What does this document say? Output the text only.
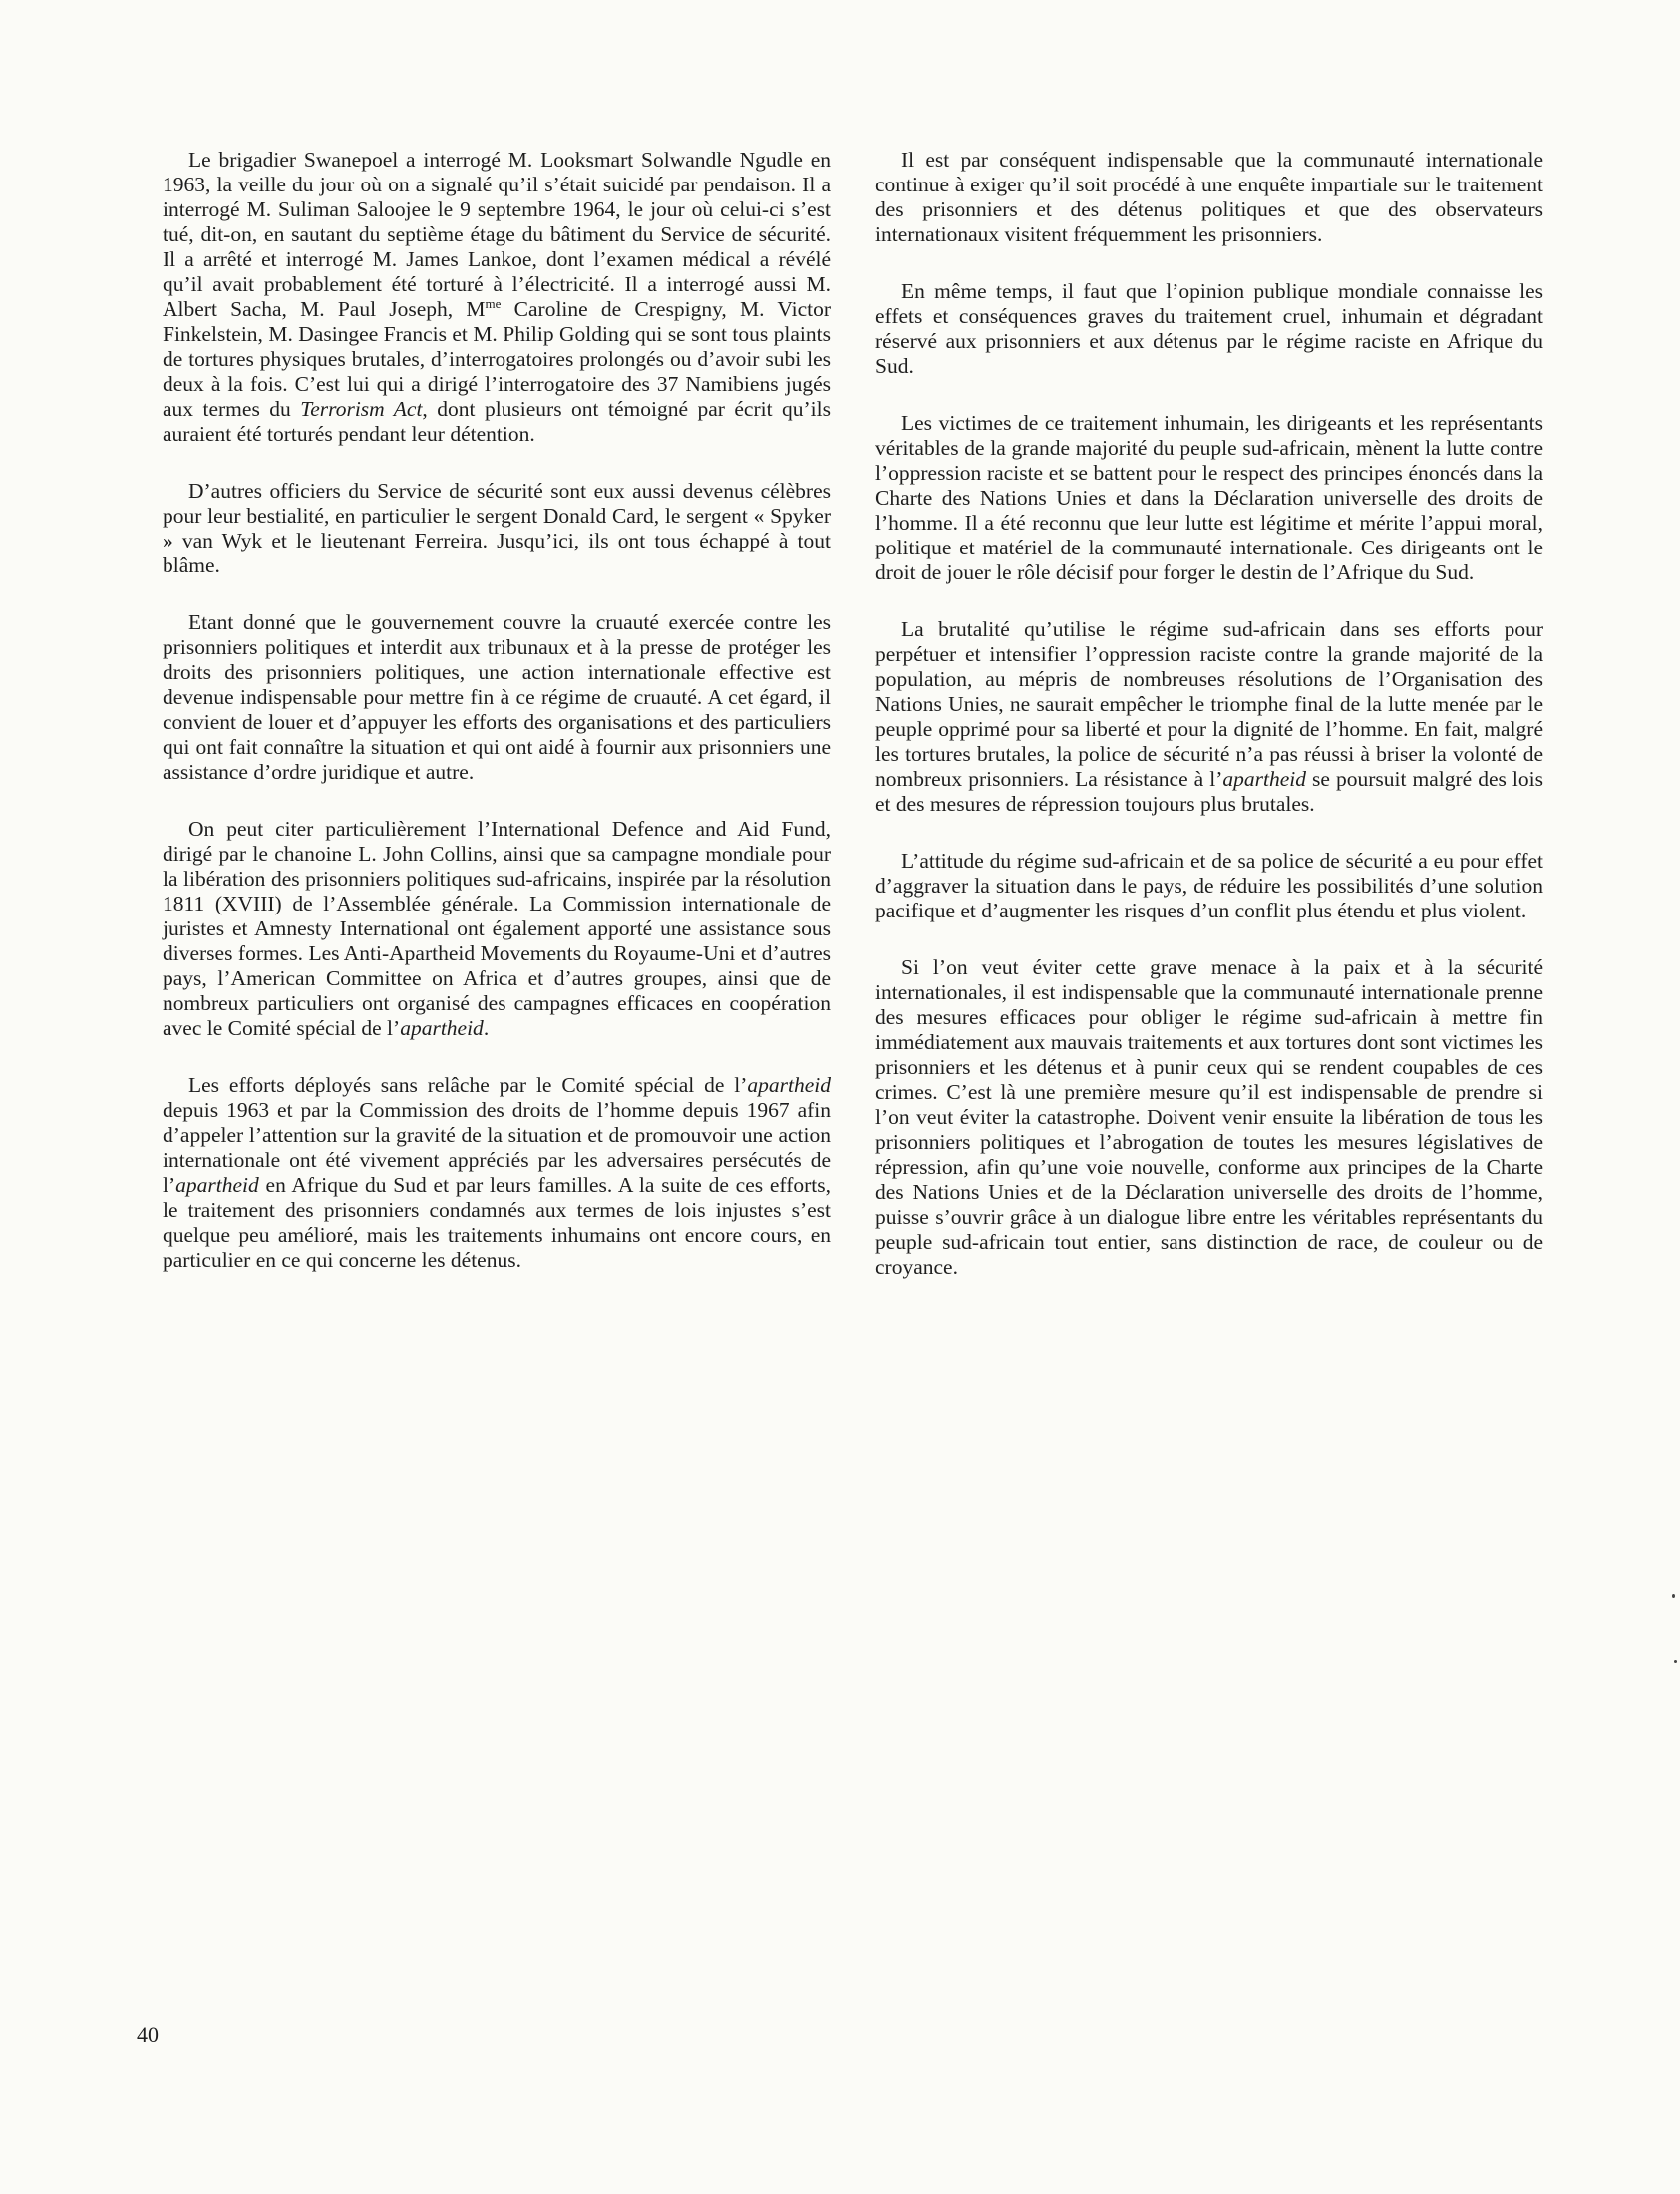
Le brigadier Swanepoel a interrogé M. Looksmart Solwandle Ngudle en 1963, la veille du jour où on a signalé qu’il s’était suicidé par pendaison. Il a interrogé M. Suliman Saloojee le 9 septembre 1964, le jour où celui-ci s’est tué, dit-on, en sautant du septième étage du bâtiment du Service de sécurité. Il a arrêté et interrogé M. James Lankoe, dont l’examen médical a révélé qu’il avait probablement été torturé à l’électricité. Il a interrogé aussi M. Albert Sacha, M. Paul Joseph, $M^{me}$ Caroline de Crespigny, M. Victor Finkelstein, M. Dasingee Francis et M. Philip Golding qui se sont tous plaints de tortures physiques brutales, d’interrogatoires prolongés ou d’avoir subi les deux à la fois. C’est lui qui a dirigé l’interrogatoire des 37 Namibiens jugés aux termes du Terrorism Act, dont plusieurs ont témoigné par écrit qu’ils auraient été torturés pendant leur détention.

D’autres officiers du Service de sécurité sont eux aussi devenus célèbres pour leur bestialité, en particulier le sergent Donald Card, le sergent « Spyker » van Wyk et le lieutenant Ferreira. Jusqu’ici, ils ont tous échappé à tout blâme.

Etant donné que le gouvernement couvre la cruauté exercée contre les prisonniers politiques et interdit aux tribunaux et à la presse de protéger les droits des prisonniers politiques, une action internationale effective est devenue indispensable pour mettre fin à ce régime de cruauté. A cet égard, il convient de louer et d’appuyer les efforts des organisations et des particuliers qui ont fait connaître la situation et qui ont aidé à fournir aux prisonniers une assistance d’ordre juridique et autre.

On peut citer particulièrement l’International Defence and Aid Fund, dirigé par le chanoine L. John Collins, ainsi que sa campagne mondiale pour la libération des prisonniers politiques sud-africains, inspirée par la résolution 1811 (XVIII) de l’Assemblée générale. La Commission internationale de juristes et Amnesty International ont également apporté une assistance sous diverses formes. Les Anti-Apartheid Movements du Royaume-Uni et d’autres pays, l’American Committee on Africa et d’autres groupes, ainsi que de nombreux particuliers ont organisé des campagnes efficaces en coopération avec le Comité spécial de l’apartheid.

Les efforts déployés sans relâche par le Comité spécial de l’apartheid depuis 1963 et par la Commission des droits de l’homme depuis 1967 afin d’appeler l’attention sur la gravité de la situation et de promouvoir une action internationale ont été vivement appréciés par les adversaires persécutés de l’apartheid en Afrique du Sud et par leurs familles. A la suite de ces efforts, le traitement des prisonniers condamnés aux termes de lois injustes s’est quelque peu amélioré, mais les traitements inhumains ont encore cours, en particulier en ce qui concerne les détenus.

Il est par conséquent indispensable que la communauté internationale continue à exiger qu’il soit procédé à une enquête impartiale sur le traitement des prisonniers et des détenus politiques et que des observateurs internationaux visitent fréquemment les prisonniers.

En même temps, il faut que l’opinion publique mondiale connaisse les effets et conséquences graves du traitement cruel, inhumain et dégradant réservé aux prisonniers et aux détenus par le régime raciste en Afrique du Sud.

Les victimes de ce traitement inhumain, les dirigeants et les représentants véritables de la grande majorité du peuple sud-africain, mènent la lutte contre l’oppression raciste et se battent pour le respect des principes énoncés dans la Charte des Nations Unies et dans la Déclaration universelle des droits de l’homme. Il a été reconnu que leur lutte est légitime et mérite l’appui moral, politique et matériel de la communauté internationale. Ces dirigeants ont le droit de jouer le rôle décisif pour forger le destin de l’Afrique du Sud.

La brutalité qu’utilise le régime sud-africain dans ses efforts pour perpétuer et intensifier l’oppression raciste contre la grande majorité de la population, au mépris de nombreuses résolutions de l’Organisation des Nations Unies, ne saurait empêcher le triomphe final de la lutte menée par le peuple opprimé pour sa liberté et pour la dignité de l’homme. En fait, malgré les tortures brutales, la police de sécurité n’a pas réussi à briser la volonté de nombreux prisonniers. La résistance à l’apartheid se poursuit malgré des lois et des mesures de répression toujours plus brutales.

L’attitude du régime sud-africain et de sa police de sécurité a eu pour effet d’aggraver la situation dans le pays, de réduire les possibilités d’une solution pacifique et d’augmenter les risques d’un conflit plus étendu et plus violent.

Si l’on veut éviter cette grave menace à la paix et à la sécurité internationales, il est indispensable que la communauté internationale prenne des mesures efficaces pour obliger le régime sud-africain à mettre fin immédiatement aux mauvais traitements et aux tortures dont sont victimes les prisonniers et les détenus et à punir ceux qui se rendent coupables de ces crimes. C’est là une première mesure qu’il est indispensable de prendre si l’on veut éviter la catastrophe. Doivent venir ensuite la libération de tous les prisonniers politiques et l’abrogation de toutes les mesures législatives de répression, afin qu’une voie nouvelle, conforme aux principes de la Charte des Nations Unies et de la Déclaration universelle des droits de l’homme, puisse s’ouvrir grâce à un dialogue libre entre les véritables représentants du peuple sud-africain tout entier, sans distinction de race, de couleur ou de croyance.

40
